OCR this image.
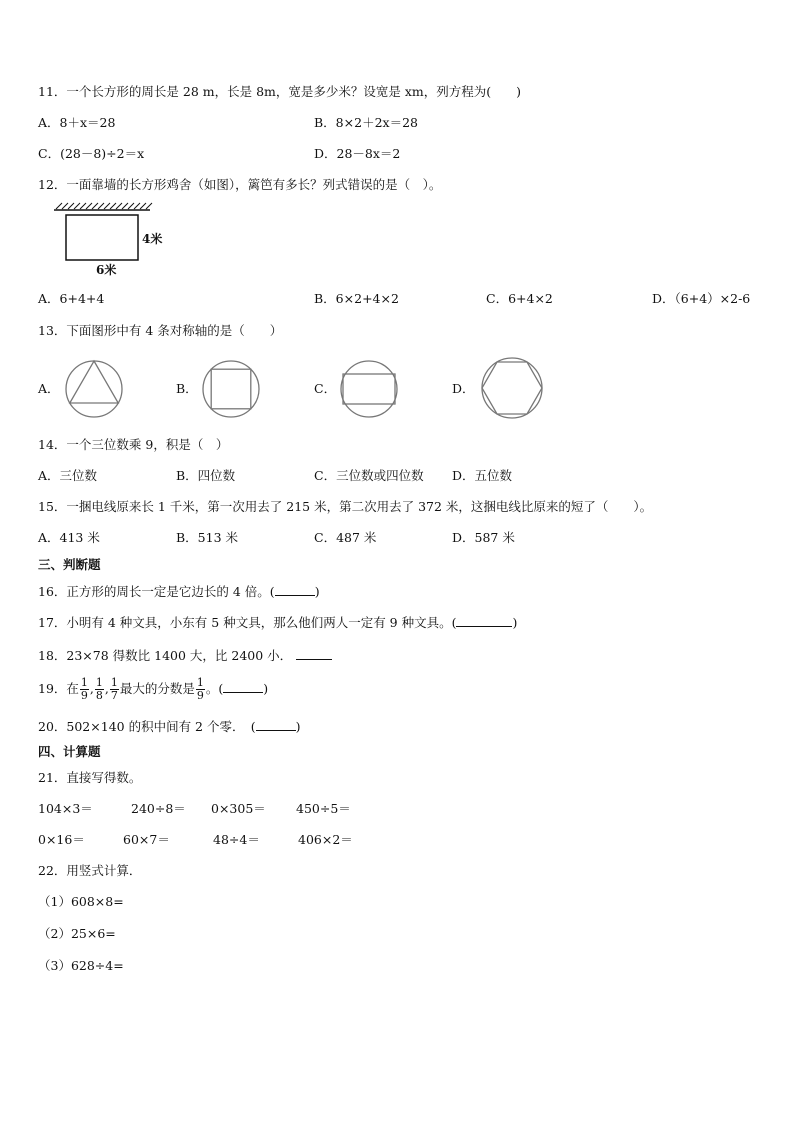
11．一个长方形的周长是 28 m，长是 8m，宽是多少米？设宽是 xm，列方程为(　　)
A．8＋x＝28	B．8×2＋2x＝28
C．(28－8)÷2＝x	D．28－8x＝2
12．一面靠墙的长方形鸡舍（如图），篱笆有多长？列式错误的是（　）。
4米
6米
A．6+4+4	B．6×2+4×2	C．6+4×2	D．（6+4）×2-6
13．下面图形中有 4 条对称轴的是（　　）
A．	B．	C．	D．
14．一个三位数乘 9，积是（　）
A．三位数	B．四位数	C．三位数或四位数 D．五位数
15．一捆电线原来长 1 千米，第一次用去了 215 米，第二次用去了 372 米，这捆电线比原来的短了（　　）。
A．413 米	B．513 米	C．487 米	D．587 米
三、判断题
16．正方形的周长一定是它边长的 4 倍。(	)
17．小明有 4 种文具，小东有 5 种文具，那么他们两人一定有 9 种文具。(	)
18．23×78 得数比 1400 大，比 2400 小．
19．在 $\frac{1}{9}$ , $\frac{1}{8}$ , $\frac{1}{7}$ 最大的分数是 $\frac{1}{9}$ 。(	)
20．502×140 的积中间有 2 个零．　(	)
四、计算题
21．直接写得数。
104×3＝	240÷8＝ 0×305＝ 450÷5＝
0×16＝	60×7＝	48÷4＝	406×2＝
22．用竖式计算．
（1）608×8=
（2）25×6=
（3）628÷4=
